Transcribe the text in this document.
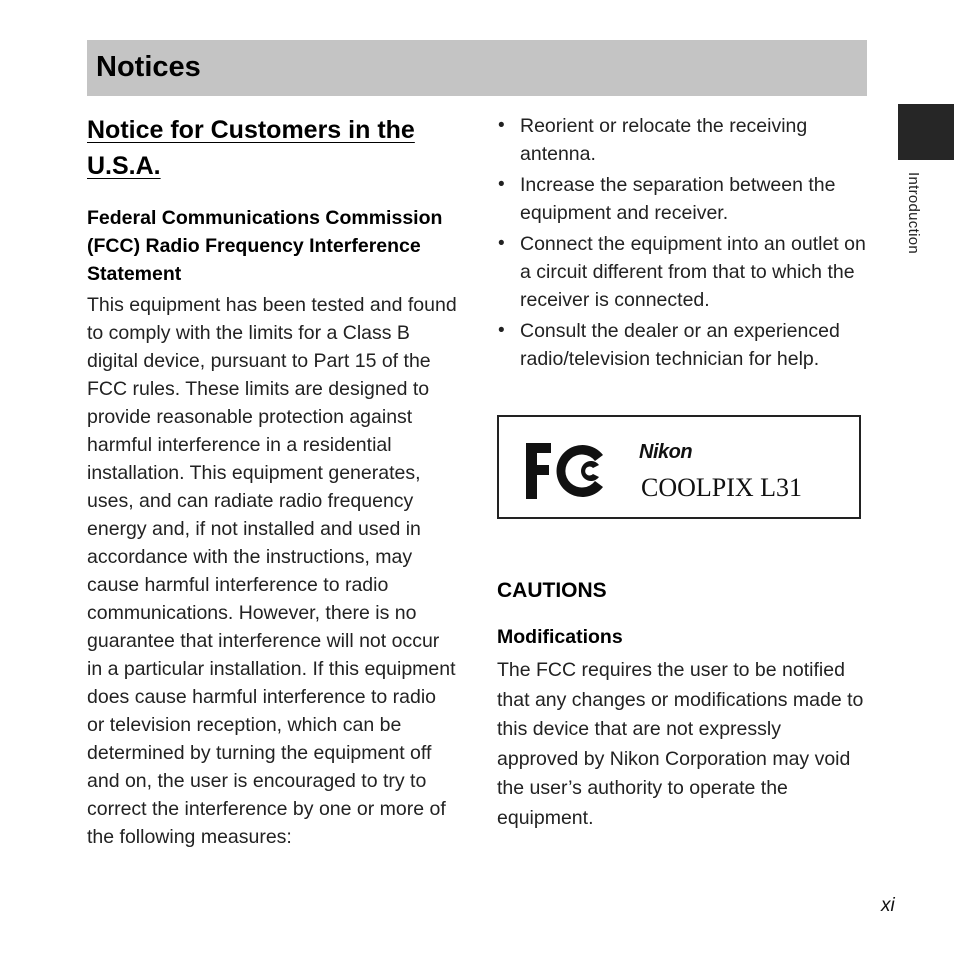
Notices
Introduction
Notice for Customers in the U.S.A.
Federal Communications Commission (FCC) Radio Frequency Interference Statement

This equipment has been tested and found to comply with the limits for a Class B digital device, pursuant to Part 15 of the FCC rules. These limits are designed to provide reasonable protection against harmful interference in a residential installation. This equipment generates, uses, and can radiate radio frequency energy and, if not installed and used in accordance with the instructions, may cause harmful interference to radio communications. However, there is no guarantee that interference will not occur in a particular installation. If this equipment does cause harmful interference to radio or television reception, which can be determined by turning the equipment off and on, the user is encouraged to try to correct the interference by one or more of the following measures:

• Reorient or relocate the receiving antenna.
• Increase the separation between the equipment and receiver.
• Connect the equipment into an outlet on a circuit different from that to which the receiver is connected.
• Consult the dealer or an experienced radio/television technician for help.
Nikon
COOLPIX L31
CAUTIONS
Modifications

The FCC requires the user to be notified that any changes or modifications made to this device that are not expressly approved by Nikon Corporation may void the user’s authority to operate the equipment.

xi
